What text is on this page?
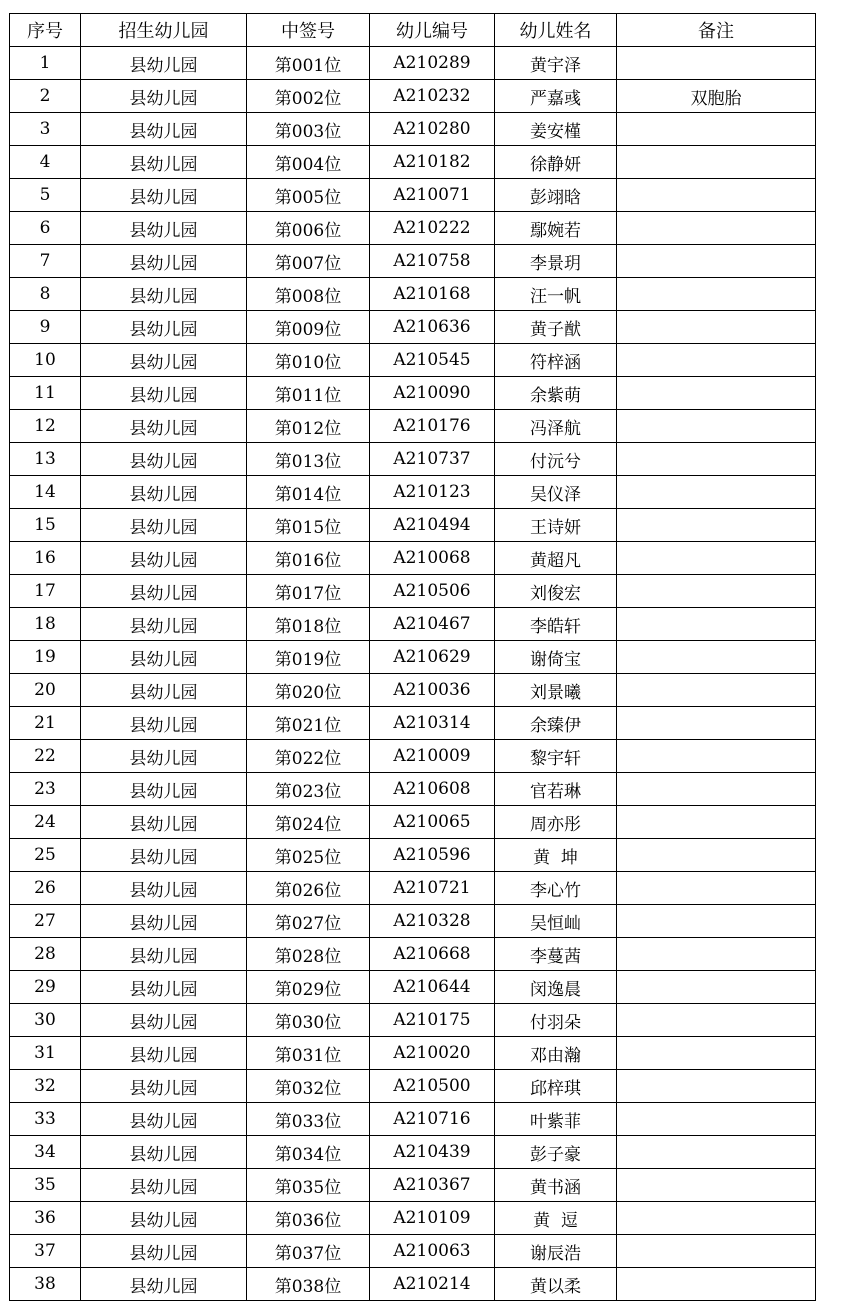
序号	招生幼儿园	中签号	幼儿编号	幼儿姓名	备注
1	县幼儿园	第001位	A210289	黄宇泽	
2	县幼儿园	第002位	A210232	严嘉彧	双胞胎
3	县幼儿园	第003位	A210280	姜安槿	
4	县幼儿园	第004位	A210182	徐静妍	
5	县幼儿园	第005位	A210071	彭翊晗	
6	县幼儿园	第006位	A210222	鄢婉若	
7	县幼儿园	第007位	A210758	李景玥	
8	县幼儿园	第008位	A210168	汪一帆	
9	县幼儿园	第009位	A210636	黄子猷	
10	县幼儿园	第010位	A210545	符梓涵	
11	县幼儿园	第011位	A210090	余紫萌	
12	县幼儿园	第012位	A210176	冯泽航	
13	县幼儿园	第013位	A210737	付沅兮	
14	县幼儿园	第014位	A210123	吴仪泽	
15	县幼儿园	第015位	A210494	王诗妍	
16	县幼儿园	第016位	A210068	黄超凡	
17	县幼儿园	第017位	A210506	刘俊宏	
18	县幼儿园	第018位	A210467	李皓轩	
19	县幼儿园	第019位	A210629	谢倚宝	
20	县幼儿园	第020位	A210036	刘景曦	
21	县幼儿园	第021位	A210314	余臻伊	
22	县幼儿园	第022位	A210009	黎宇轩	
23	县幼儿园	第023位	A210608	官若琳	
24	县幼儿园	第024位	A210065	周亦彤	
25	县幼儿园	第025位	A210596	黄  坤	
26	县幼儿园	第026位	A210721	李心竹	
27	县幼儿园	第027位	A210328	吴恒屾	
28	县幼儿园	第028位	A210668	李蔓茜	
29	县幼儿园	第029位	A210644	闵逸晨	
30	县幼儿园	第030位	A210175	付羽朵	
31	县幼儿园	第031位	A210020	邓由瀚	
32	县幼儿园	第032位	A210500	邱梓琪	
33	县幼儿园	第033位	A210716	叶紫菲	
34	县幼儿园	第034位	A210439	彭子豪	
35	县幼儿园	第035位	A210367	黄书涵	
36	县幼儿园	第036位	A210109	黄  逗	
37	县幼儿园	第037位	A210063	谢辰浩	
38	县幼儿园	第038位	A210214	黄以柔	
